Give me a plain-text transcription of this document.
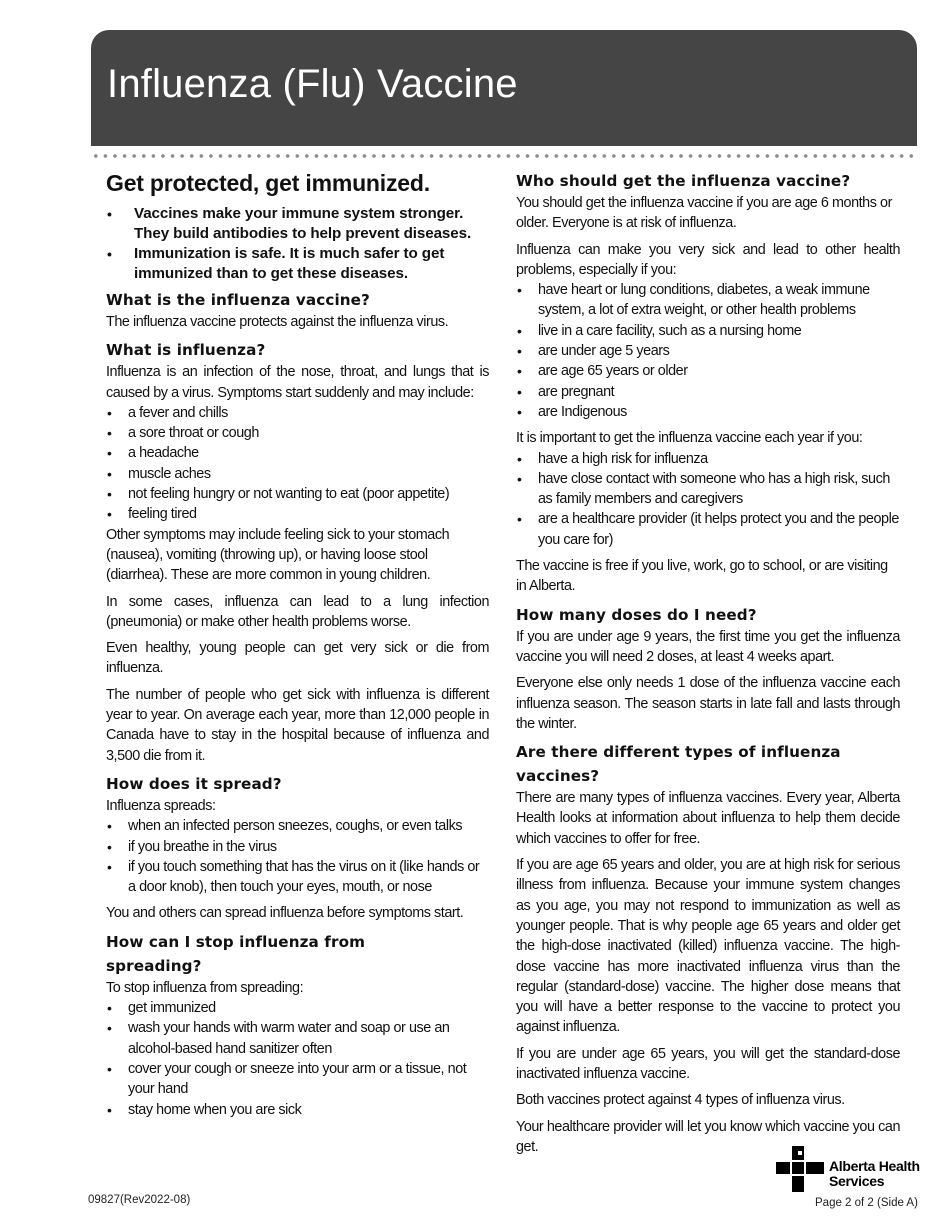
Influenza (Flu) Vaccine
Get protected, get immunized.
• Vaccines make your immune system stronger. They build antibodies to help prevent diseases.
• Immunization is safe. It is much safer to get immunized than to get these diseases.
What is the influenza vaccine?

The influenza vaccine protects against the influenza virus.

What is influenza?

Influenza is an infection of the nose, throat, and lungs that is caused by a virus. Symptoms start suddenly and may include:

• a fever and chills
• a sore throat or cough
• a headache
• muscle aches
• not feeling hungry or not wanting to eat (poor appetite)
• feeling tired

Other symptoms may include feeling sick to your stomach (nausea), vomiting (throwing up), or having loose stool (diarrhea). These are more common in young children.

In some cases, influenza can lead to a lung infection (pneumonia) or make other health problems worse.

Even healthy, young people can get very sick or die from influenza.

The number of people who get sick with influenza is different year to year. On average each year, more than 12,000 people in Canada have to stay in the hospital because of influenza and 3,500 die from it.

How does it spread?

Influenza spreads:

• when an infected person sneezes, coughs, or even talks
• if you breathe in the virus
• if you touch something that has the virus on it (like hands or a door knob), then touch your eyes, mouth, or nose

You and others can spread influenza before symptoms start.

How can I stop influenza from
spreading?

To stop influenza from spreading:

• get immunized
• wash your hands with warm water and soap or use an alcohol-based hand sanitizer often
• cover your cough or sneeze into your arm or a tissue, not your hand
• stay home when you are sick
Who should get the influenza vaccine?

You should get the influenza vaccine if you are age 6 months or older. Everyone is at risk of influenza.

Influenza can make you very sick and lead to other health problems, especially if you:

• have heart or lung conditions, diabetes, a weak immune system, a lot of extra weight, or other health problems
• live in a care facility, such as a nursing home
• are under age 5 years
• are age 65 years or older
• are pregnant
• are Indigenous

It is important to get the influenza vaccine each year if you:

• have a high risk for influenza
• have close contact with someone who has a high risk, such as family members and caregivers
• are a healthcare provider (it helps protect you and the people you care for)

The vaccine is free if you live, work, go to school, or are visiting in Alberta.

How many doses do I need?

If you are under age 9 years, the first time you get the influenza vaccine you will need 2 doses, at least 4 weeks apart.

Everyone else only needs 1 dose of the influenza vaccine each influenza season. The season starts in late fall and lasts through the winter.

Are there different types of influenza
vaccines?

There are many types of influenza vaccines. Every year, Alberta Health looks at information about influenza to help them decide which vaccines to offer for free.

If you are age 65 years and older, you are at high risk for serious illness from influenza. Because your immune system changes as you age, you may not respond to immunization as well as younger people. That is why people age 65 years and older get the high-dose inactivated (killed) influenza vaccine. The high-dose vaccine has more inactivated influenza virus than the regular (standard-dose) vaccine. The higher dose means that you will have a better response to the vaccine to protect you against influenza.

If you are under age 65 years, you will get the standard-dose inactivated influenza vaccine.

Both vaccines protect against 4 types of influenza virus.

Your healthcare provider will let you know which vaccine you can get.

Alberta Health
Services
09827(Rev2022-08)	Page 2 of 2 (Side A)
